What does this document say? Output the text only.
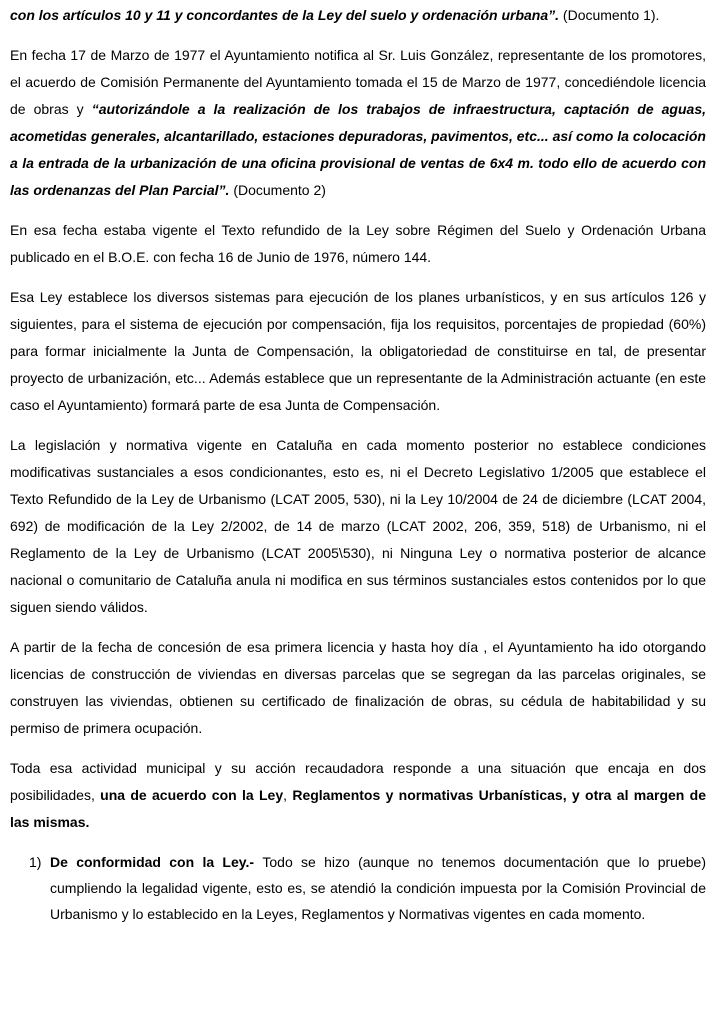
con los artículos 10 y 11 y concordantes de la Ley del suelo y ordenación urbana”. (Documento 1).

En fecha 17 de Marzo de 1977 el Ayuntamiento notifica al Sr. Luis González, representante de los promotores, el acuerdo de Comisión Permanente del Ayuntamiento tomada el 15 de Marzo de 1977, concediéndole licencia de obras y “autorizándole a la realización de los trabajos de infraestructura, captación de aguas, acometidas generales, alcantarillado, estaciones depuradoras, pavimentos, etc... así como la colocación a la entrada de la urbanización de una oficina provisional de ventas de 6x4 m. todo ello de acuerdo con las ordenanzas del Plan Parcial”. (Documento 2)

En esa fecha estaba vigente el Texto refundido de la Ley sobre Régimen del Suelo y Ordenación Urbana publicado en el B.O.E. con fecha 16 de Junio de 1976, número 144.

Esa Ley establece los diversos sistemas para ejecución de los planes urbanísticos, y en sus artículos 126 y siguientes, para el sistema de ejecución por compensación, fija los requisitos, porcentajes de propiedad (60%) para formar inicialmente la Junta de Compensación, la obligatoriedad de constituirse en tal, de presentar proyecto de urbanización, etc... Además establece que un representante de la Administración actuante (en este caso el Ayuntamiento) formará parte de esa Junta de Compensación.

La legislación y normativa vigente en Cataluña en cada momento posterior no establece condiciones modificativas sustanciales a esos condicionantes, esto es, ni el Decreto Legislativo 1/2005 que establece el Texto Refundido de la Ley de Urbanismo (LCAT 2005, 530), ni la Ley 10/2004 de 24 de diciembre (LCAT 2004, 692) de modificación de la Ley 2/2002, de 14 de marzo (LCAT 2002, 206, 359, 518) de Urbanismo, ni el Reglamento de la Ley de Urbanismo (LCAT 2005\530), ni Ninguna Ley o normativa posterior de alcance nacional o comunitario de Cataluña anula ni modifica en sus términos sustanciales estos contenidos por lo que siguen siendo válidos.

A partir de la fecha de concesión de esa primera licencia y hasta hoy día , el Ayuntamiento ha ido otorgando licencias de construcción de viviendas en diversas parcelas que se segregan da las parcelas originales, se construyen las viviendas, obtienen su certificado de finalización de obras, su cédula de habitabilidad y su permiso de primera ocupación.

Toda esa actividad municipal y su acción recaudadora responde a una situación que encaja en dos posibilidades, una de acuerdo con la Ley, Reglamentos y normativas Urbanísticas, y otra al margen de las mismas.

1) De conformidad con la Ley.- Todo se hizo (aunque no tenemos documentación que lo pruebe) cumpliendo la legalidad vigente, esto es, se atendió la condición impuesta por la Comisión Provincial de Urbanismo y lo establecido en la Leyes, Reglamentos y Normativas vigentes en cada momento.
